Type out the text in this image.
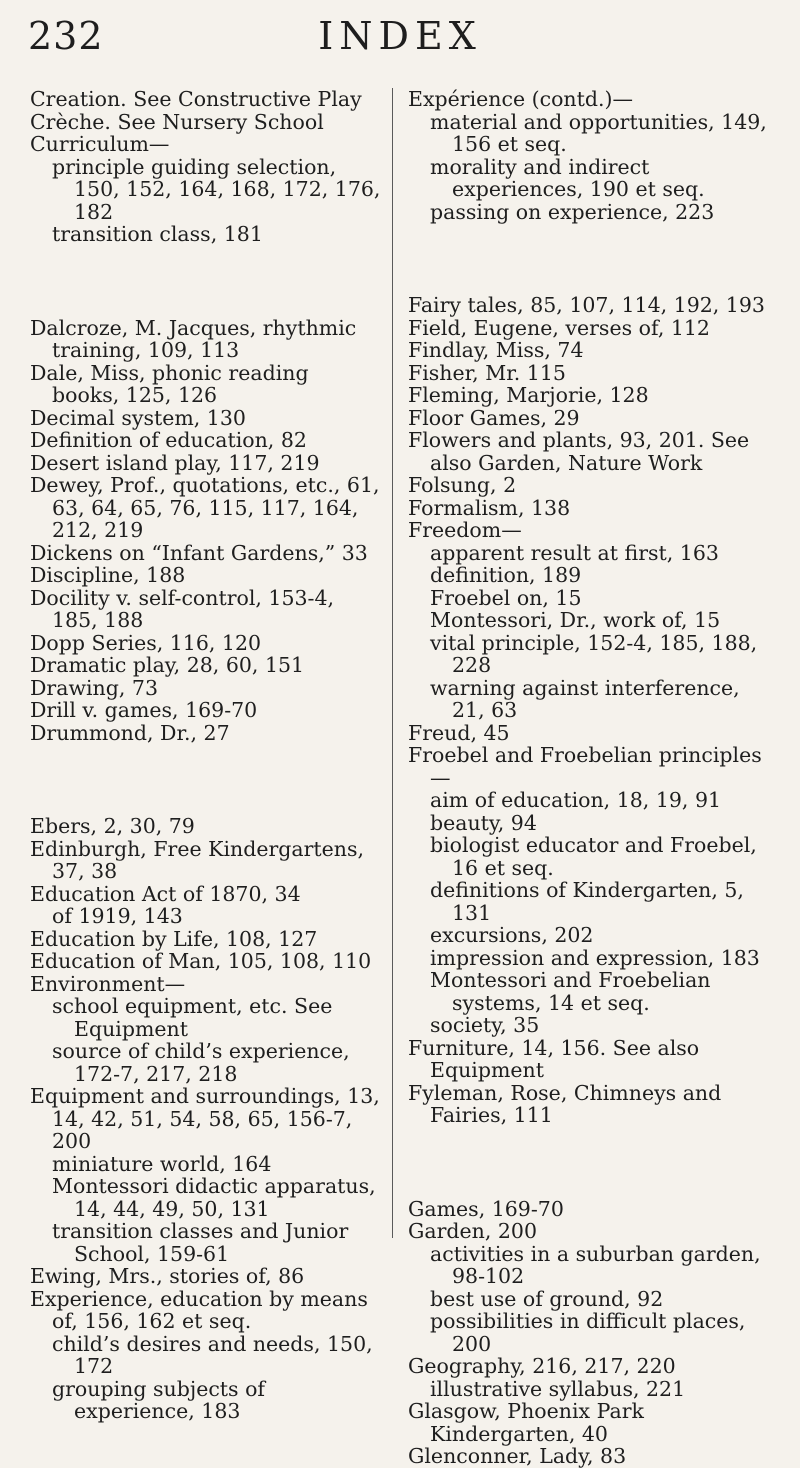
232	INDEX

Creation. See Constructive Play

Crèche. See Nursery School

Curriculum—

principle guiding selection, 150, 152, 164, 168, 172, 176, 182

transition class, 181

Dalcroze, M. Jacques, rhythmic training, 109, 113

Dale, Miss, phonic reading books, 125, 126

Decimal system, 130

Definition of education, 82

Desert island play, 117, 219

Dewey, Prof., quotations, etc., 61, 63, 64, 65, 76, 115, 117, 164, 212, 219

Dickens on “Infant Gardens,” 33

Discipline, 188

Docility v. self-control, 153-4, 185, 188

Dopp Series, 116, 120

Dramatic play, 28, 60, 151

Drawing, 73

Drill v. games, 169-70

Drummond, Dr., 27

Ebers, 2, 30, 79

Edinburgh, Free Kindergartens, 37, 38

Education Act of 1870, 34

of 1919, 143

Education by Life, 108, 127

Education of Man, 105, 108, 110

Environment—

school equipment, etc. See Equipment

source of child’s experience, 172-7, 217, 218

Equipment and surroundings, 13, 14, 42, 51, 54, 58, 65, 156-7, 200

miniature world, 164

Montessori didactic apparatus, 14, 44, 49, 50, 131

transition classes and Junior School, 159-61

Ewing, Mrs., stories of, 86

Experience, education by means of, 156, 162 et seq.

child’s desires and needs, 150, 172

grouping subjects of experience, 183

Expérience (contd.)—

material and opportunities, 149, 156 et seq.

morality and indirect experiences, 190 et seq.

passing on experience, 223

Fairy tales, 85, 107, 114, 192, 193

Field, Eugene, verses of, 112

Findlay, Miss, 74

Fisher, Mr. 115

Fleming, Marjorie, 128

Floor Games, 29

Flowers and plants, 93, 201. See also Garden, Nature Work

Folsung, 2

Formalism, 138

Freedom—

apparent result at first, 163

definition, 189

Froebel on, 15

Montessori, Dr., work of, 15

vital principle, 152-4, 185, 188, 228

warning against interference, 21, 63

Freud, 45

Froebel and Froebelian principles—

aim of education, 18, 19, 91

beauty, 94

biologist educator and Froebel, 16 et seq.

definitions of Kindergarten, 5, 131

excursions, 202

impression and expression, 183

Montessori and Froebelian systems, 14 et seq.

society, 35

Furniture, 14, 156. See also Equipment

Fyleman, Rose, Chimneys and Fairies, 111

Games, 169-70

Garden, 200

activities in a suburban garden, 98-102

best use of ground, 92

possibilities in difficult places, 200

Geography, 216, 217, 220

illustrative syllabus, 221

Glasgow, Phoenix Park Kindergarten, 40

Glenconner, Lady, 83
